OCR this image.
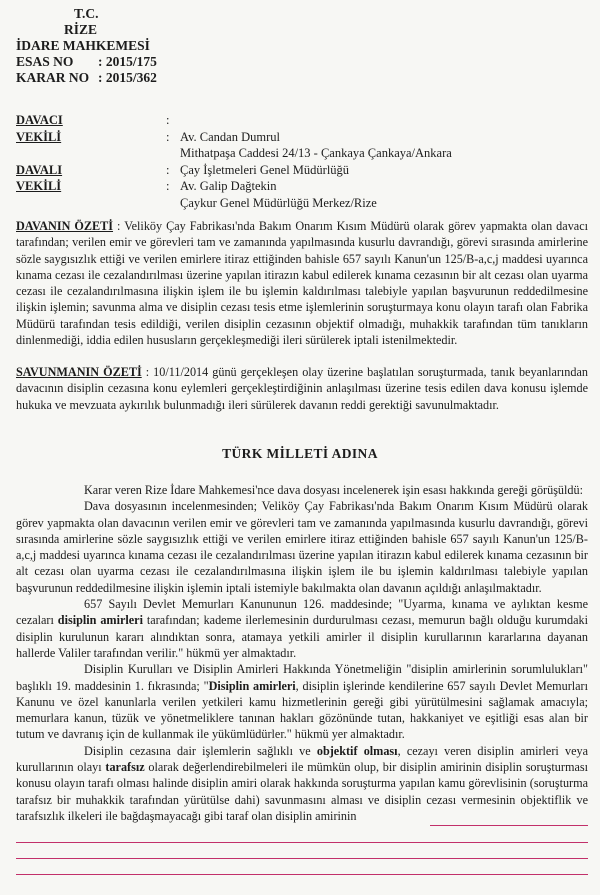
T.C.
RİZE
İDARE MAHKEMESİ
ESAS NO : 2015/175
KARAR NO : 2015/362
DAVACI	:
VEKİLİ	: Av. Candan Dumrul
Mithatpaşa Caddesi 24/13 - Çankaya Çankaya/Ankara
DAVALI	: Çay İşletmeleri Genel Müdürlüğü
VEKİLİ	: Av. Galip Dağtekin
Çaykur Genel Müdürlüğü Merkez/Rize

DAVANIN ÖZETİ : Veliköy Çay Fabrikası'nda Bakım Onarım Kısım Müdürü olarak görev yapmakta olan davacı tarafından; verilen emir ve görevleri tam ve zamanında yapılmasında kusurlu davrandığı, görevi sırasında amirlerine sözle saygısızlık ettiği ve verilen emirlere itiraz ettiğinden bahisle 657 sayılı Kanun'un 125/B-a,c,j maddesi uyarınca kınama cezası ile cezalandırılması üzerine yapılan itirazın kabul edilerek kınama cezasının bir alt cezası olan uyarma cezası ile cezalandırılmasına ilişkin işlem ile bu işlemin kaldırılması talebiyle yapılan başvurunun reddedilmesine ilişkin işlemin; savunma alma ve disiplin cezası tesis etme işlemlerinin soruşturmaya konu olayın tarafı olan Fabrika Müdürü tarafından tesis edildiği, verilen disiplin cezasının objektif olmadığı, muhakkik tarafından tüm tanıkların dinlenmediği, iddia edilen hususların gerçekleşmediği ileri sürülerek iptali istenilmektedir.

SAVUNMANIN ÖZETİ : 10/11/2014 günü gerçekleşen olay üzerine başlatılan soruşturmada, tanık beyanlarından davacının disiplin cezasına konu eylemleri gerçekleştirdiğinin anlaşılması üzerine tesis edilen dava konusu işlemde hukuka ve mevzuata aykırılık bulunmadığı ileri sürülerek davanın reddi gerektiği savunulmaktadır.

TÜRK MİLLETİ ADINA

Karar veren Rize İdare Mahkemesi'nce dava dosyası incelenerek işin esası hakkında gereği görüşüldü:

Dava dosyasının incelenmesinden; Veliköy Çay Fabrikası'nda Bakım Onarım Kısım Müdürü olarak görev yapmakta olan davacının verilen emir ve görevleri tam ve zamanında yapılmasında kusurlu davrandığı, görevi sırasında amirlerine sözle saygısızlık ettiği ve verilen emirlere itiraz ettiğinden bahisle 657 sayılı Kanun'un 125/B-a,c,j maddesi uyarınca kınama cezası ile cezalandırılması üzerine yapılan itirazın kabul edilerek kınama cezasının bir alt cezası olan uyarma cezası ile cezalandırılmasına ilişkin işlem ile bu işlemin kaldırılması talebiyle yapılan başvurunun reddedilmesine ilişkin işlemin iptali istemiyle bakılmakta olan davanın açıldığı anlaşılmaktadır.

657 Sayılı Devlet Memurları Kanununun 126. maddesinde; "Uyarma, kınama ve aylıktan kesme cezaları disiplin amirleri tarafından; kademe ilerlemesinin durdurulması cezası, memurun bağlı olduğu kurumdaki disiplin kurulunun kararı alındıktan sonra, atamaya yetkili amirler il disiplin kurullarının kararlarına dayanan hallerde Valiler tarafından verilir." hükmü yer almaktadır.

Disiplin Kurulları ve Disiplin Amirleri Hakkında Yönetmeliğin "disiplin amirlerinin sorumlulukları" başlıklı 19. maddesinin 1. fıkrasında; "Disiplin amirleri, disiplin işlerinde kendilerine 657 sayılı Devlet Memurları Kanunu ve özel kanunlarla verilen yetkileri kamu hizmetlerinin gereği gibi yürütülmesini sağlamak amacıyla; memurlara kanun, tüzük ve yönetmeliklere tanınan hakları gözönünde tutan, hakkaniyet ve eşitliği esas alan bir tutum ve davranış için de kullanmak ile yükümlüdürler." hükmü yer almaktadır.

Disiplin cezasına dair işlemlerin sağlıklı ve objektif olması, cezayı veren disiplin amirleri veya kurullarının olayı tarafsız olarak değerlendirebilmeleri ile mümkün olup, bir disiplin amirinin disiplin soruşturması konusu olayın tarafı olması halinde disiplin amiri olarak hakkında soruşturma yapılan kamu görevlisinin (soruşturma tarafsız bir muhakkik tarafından yürütülse dahi) savunmasını alması ve disiplin cezası vermesinin objektiflik ve tarafsızlık ilkeleri ile bağdaşmayacağı gibi taraf olan disiplin amirinin
